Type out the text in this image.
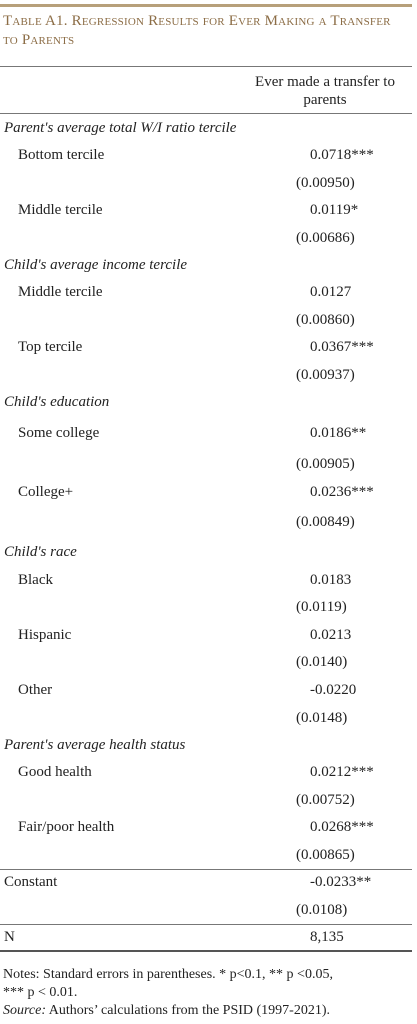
Table A1. Regression Results for Ever Making a Transfer to Parents
Ever made a transfer to parents
Parent's average total W/I ratio tercile
Bottom tercile	0.0718***
(0.00950)
Middle tercile	0.0119*
(0.00686)
Child's average income tercile
Middle tercile	0.0127
(0.00860)
Top tercile	0.0367***
(0.00937)
Child's education
Some college	0.0186**
(0.00905)
College+	0.0236***
(0.00849)
Child's race
Black	0.0183
(0.0119)
Hispanic	0.0213
(0.0140)
Other	-0.0220
(0.0148)
Parent's average health status
Good health	0.0212***
(0.00752)
Fair/poor health	0.0268***
(0.00865)
Constant	-0.0233**
(0.0108)
N	8,135
Notes: Standard errors in parentheses. * p<0.1, ** p <0.05,
*** p < 0.01.
Source: Authors’ calculations from the PSID (1997-2021).
